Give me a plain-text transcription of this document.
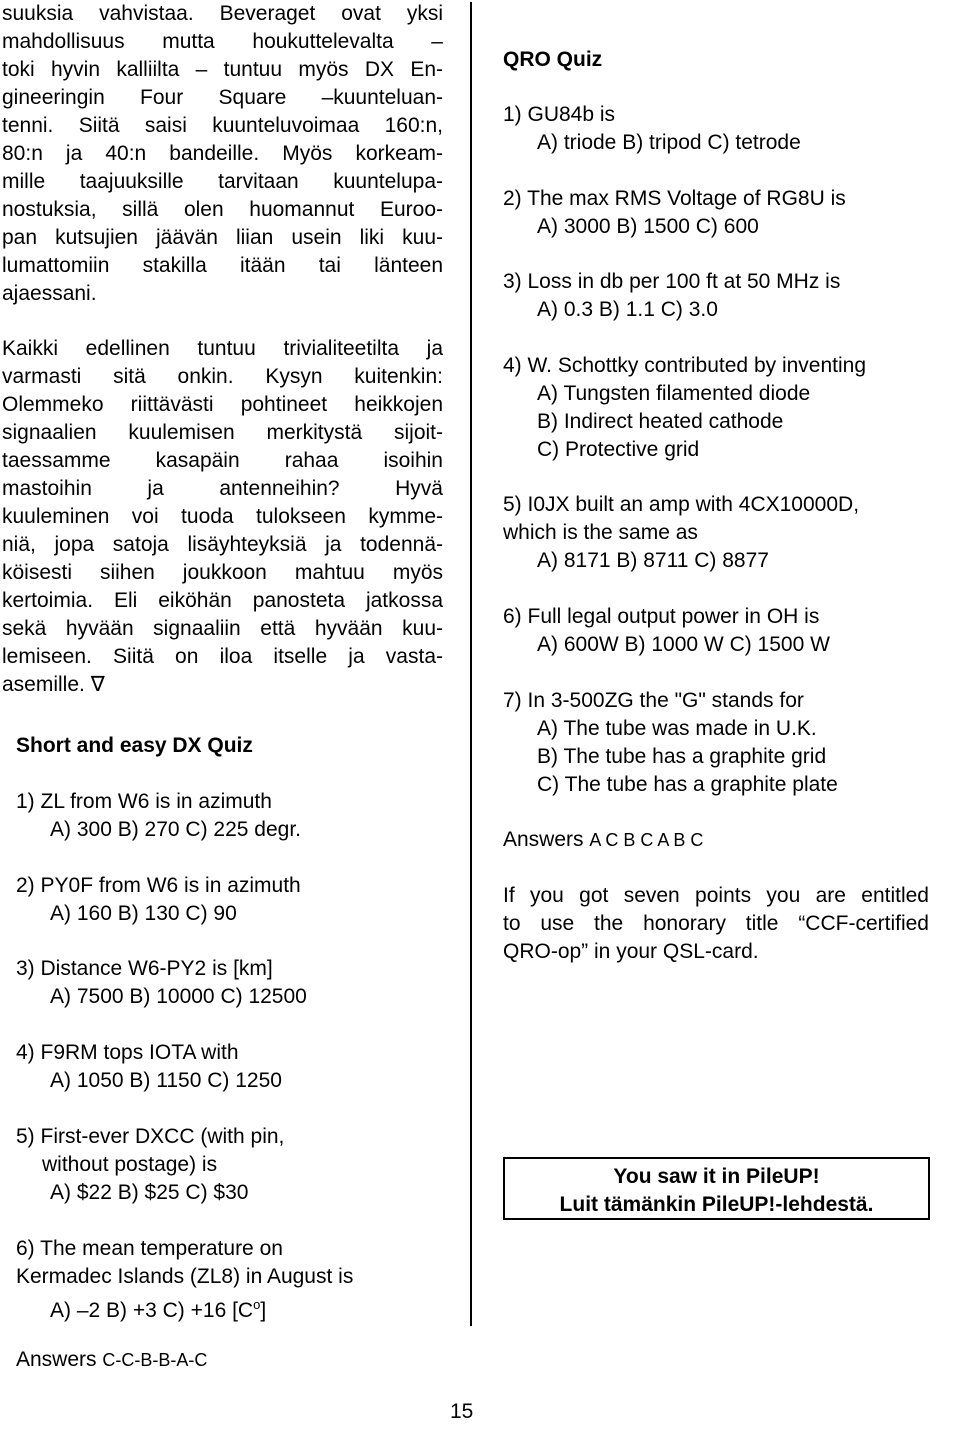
suuksia vahvistaa. Beveraget ovat yksi
mahdollisuus mutta houkuttelevalta –
toki hyvin kalliilta – tuntuu myös DX En-
gineeringin Four Square –kuunteluan-
tenni. Siitä saisi kuunteluvoimaa 160:n,
80:n ja 40:n bandeille. Myös korkeam-
mille taajuuksille tarvitaan kuuntelupa-
nostuksia, sillä olen huomannut Euroo-
pan kutsujien jäävän liian usein liki kuu-
lumattomiin stakilla itään tai länteen
ajaessani.
Kaikki edellinen tuntuu trivialiteetilta ja
varmasti sitä onkin. Kysyn kuitenkin:
Olemmeko riittävästi pohtineet heikkojen
signaalien kuulemisen merkitystä sijoit-
taessamme kasapäin rahaa isoihin
mastoihin ja antenneihin? Hyvä
kuuleminen voi tuoda tulokseen kymme-
niä, jopa satoja lisäyhteyksiä ja todennä-
köisesti siihen joukkoon mahtuu myös
kertoimia. Eli eiköhän panosteta jatkossa
sekä hyvään signaaliin että hyvään kuu-
lemiseen. Siitä on iloa itselle ja vasta-
asemille. ∇
Short and easy DX Quiz
1) ZL from W6 is in azimuth
A) 300 B) 270 C) 225 degr.
2) PY0F from W6 is in azimuth
A) 160 B) 130 C) 90
3) Distance W6-PY2 is [km]
A) 7500 B) 10000 C) 12500
4) F9RM tops IOTA with
A) 1050 B) 1150 C) 1250
5) First-ever DXCC (with pin,
without postage) is
A) $22 B) $25 C) $30
6) The mean temperature on
Kermadec Islands (ZL8) in August is
A) –2 B) +3 C) +16 $[C^o]$
Answers C-C-B-B-A-C
QRO Quiz
1) GU84b is
A) triode B) tripod C) tetrode
2) The max RMS Voltage of RG8U is
A) 3000 B) 1500 C) 600
3) Loss in db per 100 ft at 50 MHz is
A) 0.3 B) 1.1 C) 3.0
4) W. Schottky contributed by inventing
A) Tungsten filamented diode
B) Indirect heated cathode
C) Protective grid
5) I0JX built an amp with 4CX10000D,
which is the same as
A) 8171 B) 8711 C) 8877
6) Full legal output power in OH is
A) 600W B) 1000 W C) 1500 W
7) In 3-500ZG the "G" stands for
A) The tube was made in U.K.
B) The tube has a graphite grid
C) The tube has a graphite plate
Answers A C B C A B C
If you got seven points you are entitled
to use the honorary title “CCF-certified
QRO-op” in your QSL-card.
You saw it in PileUP!
Luit tämänkin PileUP!-lehdestä.
15
